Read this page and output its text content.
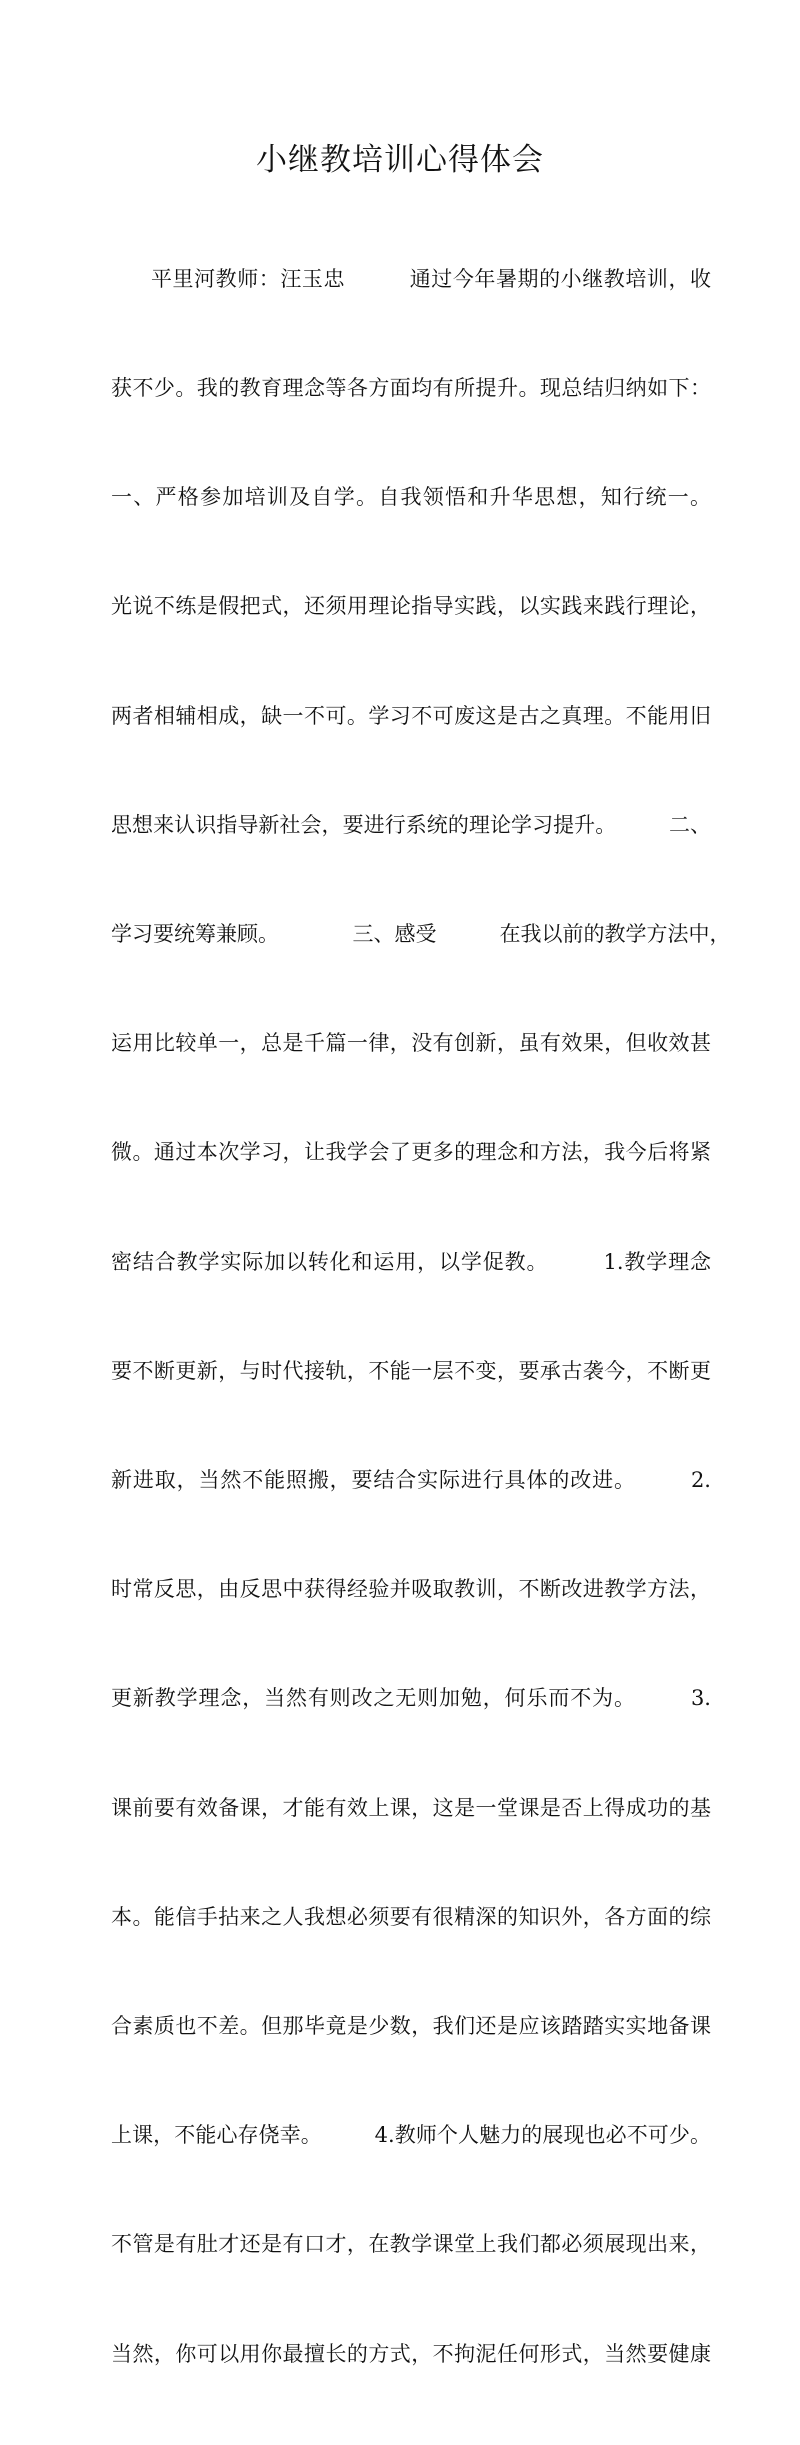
小继教培训心得体会

平里河教师：汪玉忠　　　通过今年暑期的小继教培训，收

获不少。我的教育理念等各方面均有所提升。现总结归纳如下：

一、严格参加培训及自学。自我领悟和升华思想，知行统一。

光说不练是假把式，还须用理论指导实践，以实践来践行理论，

两者相辅相成，缺一不可。学习不可废这是古之真理。不能用旧

思想来认识指导新社会，要进行系统的理论学习提升。　　　二、

学习要统筹兼顾。　　　　三、感受　　　在我以前的教学方法中，

运用比较单一，总是千篇一律，没有创新，虽有效果，但收效甚

微。通过本次学习，让我学会了更多的理念和方法，我今后将紧

密结合教学实际加以转化和运用，以学促教。　　　1.教学理念

要不断更新，与时代接轨，不能一层不变，要承古袭今，不断更

新进取，当然不能照搬，要结合实际进行具体的改进。　　　2.

时常反思，由反思中获得经验并吸取教训，不断改进教学方法，

更新教学理念，当然有则改之无则加勉，何乐而不为。　　　3.

课前要有效备课，才能有效上课，这是一堂课是否上得成功的基

本。能信手拈来之人我想必须要有很精深的知识外，各方面的综

合素质也不差。但那毕竟是少数，我们还是应该踏踏实实地备课

上课，不能心存侥幸。　　　4.教师个人魅力的展现也必不可少。

不管是有肚才还是有口才，在教学课堂上我们都必须展现出来，

当然，你可以用你最擅长的方式，不拘泥任何形式，当然要健康
